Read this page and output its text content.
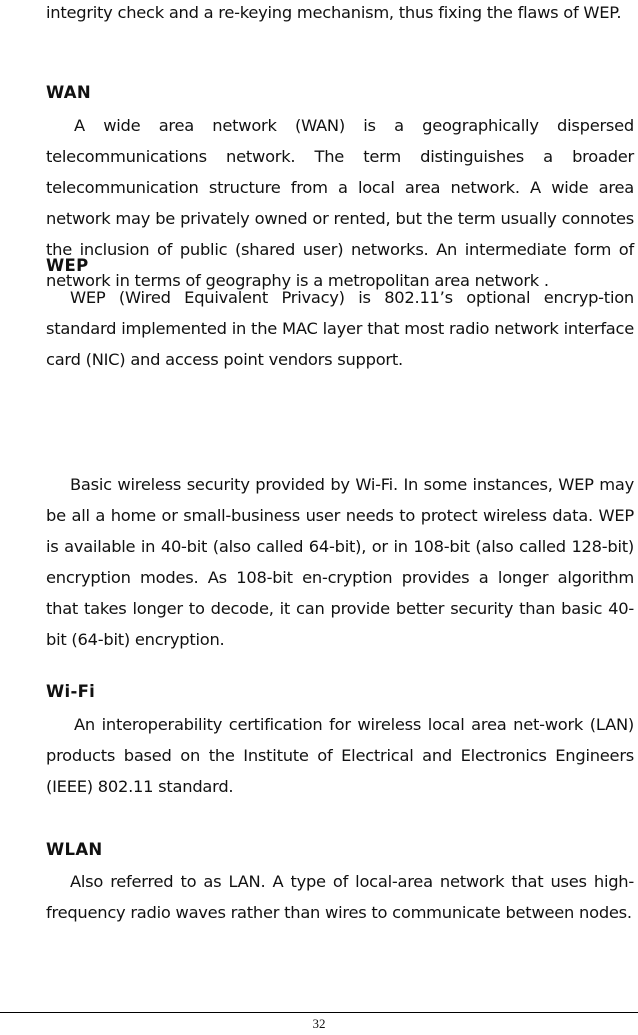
integrity check and a re-keying mechanism, thus fixing the flaws of WEP.

WAN

A wide area network (WAN) is a geographically dispersed telecommunications network. The term distinguishes a broader telecommunication structure from a local area network. A wide area network may be privately owned or rented, but the term usually connotes the inclusion of public (shared user) networks. An intermediate form of network in terms of geography is a metropolitan area network .

WEP

WEP (Wired Equivalent Privacy) is 802.11’s optional encryp-tion standard implemented in the MAC layer that most radio network interface card (NIC) and access point vendors support.

Basic wireless security provided by Wi-Fi. In some instances, WEP may be all a home or small-business user needs to protect wireless data. WEP is available in 40-bit (also called 64-bit), or in 108-bit (also called 128-bit) encryption modes. As 108-bit en-cryption provides a longer algorithm that takes longer to decode, it can provide better security than basic 40-bit (64-bit) encryption.

Wi-Fi

An interoperability certification for wireless local area net-work (LAN) products based on the Institute of Electrical and Electronics Engineers (IEEE) 802.11 standard.

WLAN

Also referred to as LAN. A type of local-area network that uses high-frequency radio waves rather than wires to communicate between nodes.

32
